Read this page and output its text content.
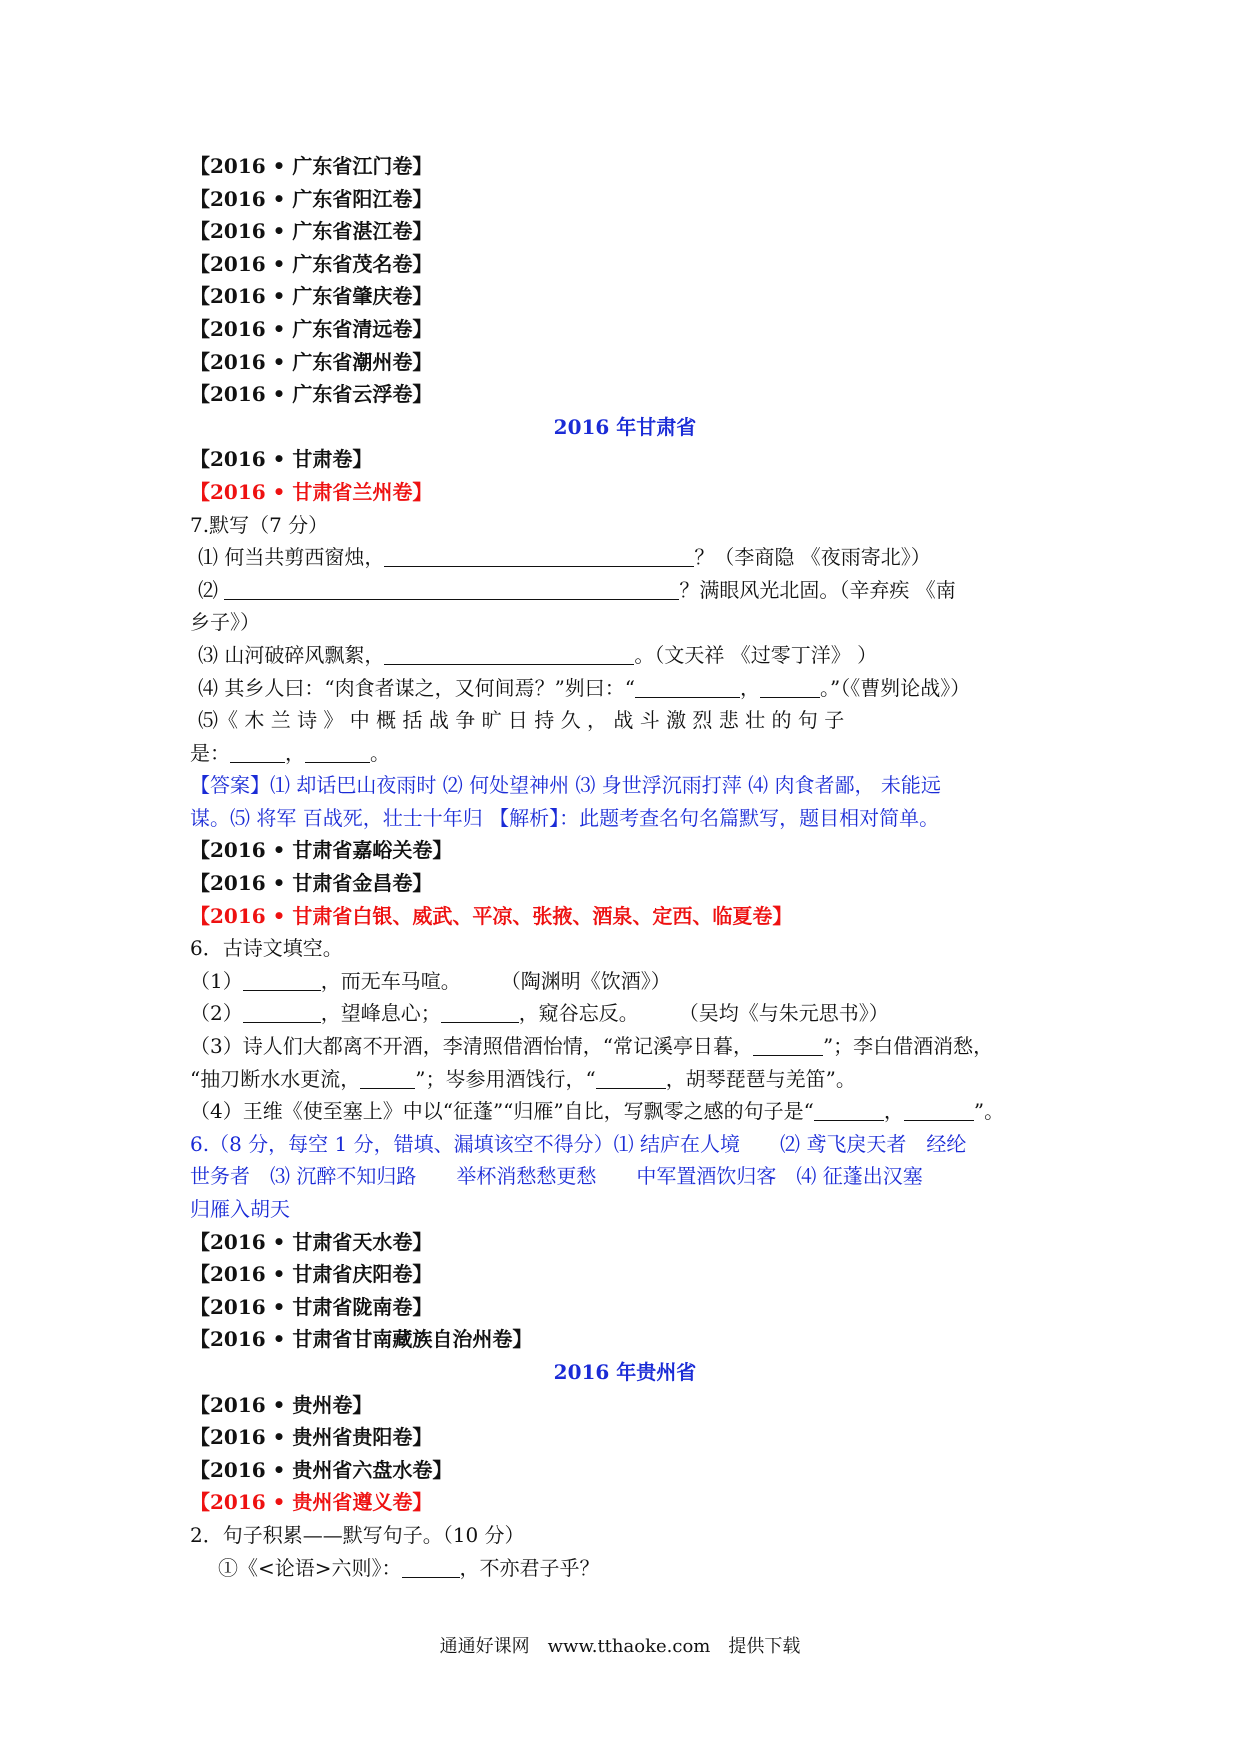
【2016 • 广东省江门卷】
【2016 • 广东省阳江卷】
【2016 • 广东省湛江卷】
【2016 • 广东省茂名卷】
【2016 • 广东省肇庆卷】
【2016 • 广东省清远卷】
【2016 • 广东省潮州卷】
【2016 • 广东省云浮卷】
2016 年甘肃省
【2016 • 甘肃卷】
【2016 • 甘肃省兰州卷】
7.默写（7 分）
⑴ 何当共剪西窗烛，	？（李商隐 《夜雨寄北》）
⑵	？满眼风光北固。（辛弃疾 《南
乡子》）
⑶ 山河破碎风飘絮，	。（文天祥 《过零丁洋》 ）
⑷ 其乡人曰：“肉食者谋之，又何间焉？”刿曰：“	，	。”（《曹刿论战》）
⑸《 木 兰 诗 》 中 概 括 战 争 旷 日 持 久 ， 战 斗 激 烈 悲 壮 的 句 子
是：	，	。
【答案】⑴ 却话巴山夜雨时 ⑵ 何处望神州 ⑶ 身世浮沉雨打萍 ⑷ 肉食者鄙， 未能远
谋。⑸ 将军 百战死，壮士十年归 【解析】：此题考查名句名篇默写，题目相对简单。
【2016 • 甘肃省嘉峪关卷】
【2016 • 甘肃省金昌卷】
【2016 • 甘肃省白银、威武、平凉、张掖、酒泉、定西、临夏卷】
6．古诗文填空。
（1）	，而无车马喧。 （陶渊明《饮酒》）
（2）	，望峰息心；	，窥谷忘反。 （吴均《与朱元思书》）
（3）诗人们大都离不开酒，李清照借酒怡情，“常记溪亭日暮，	”；李白借酒消愁，
“抽刀断水水更流，	”；岑参用酒饯行，“	，胡琴琵琶与羌笛”。
（4）王维《使至塞上》中以“征蓬”“归雁”自比，写飘零之感的句子是“	，	”。
6.（8 分，每空 1 分，错填、漏填该空不得分）⑴ 结庐在人境　　⑵ 鸢飞戾天者　经纶
世务者　⑶ 沉醉不知归路　　举杯消愁愁更愁　　中军置酒饮归客　⑷ 征蓬出汉塞
归雁入胡天
【2016 • 甘肃省天水卷】
【2016 • 甘肃省庆阳卷】
【2016 • 甘肃省陇南卷】
【2016 • 甘肃省甘南藏族自治州卷】
2016 年贵州省
【2016 • 贵州卷】
【2016 • 贵州省贵阳卷】
【2016 • 贵州省六盘水卷】
【2016 • 贵州省遵义卷】
2．句子积累——默写句子。（10 分）
①《<论语>六则》：	，不亦君子乎？
通通好课网　www.tthaoke.com　提供下载
